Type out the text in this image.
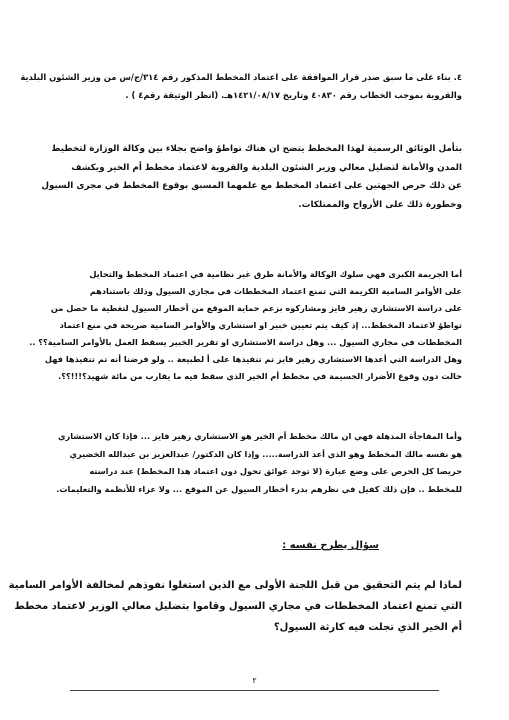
٤. بناء على ما سبق صدر قرار الموافقة على اعتماد المخطط المذكور رقم ٣١٤/ج/س من وزير الشئون البلدية
والقروية بموجب الخطاب رقم ٤٠٨٣٠ وتاريخ ١٤٢١/٠٨/١٧هـ. (انظر الوثيقة رقم٤ ) .
بتأمل الوثائق الرسمية لهذا المخطط يتضح ان هناك تواطؤ واضح بجلاء بين وكالة الوزارة لتخطيط
المدن والأمانة لتضليل معالي وزير الشئون البلدية والقروية لاعتماد مخطط أم الخير ويكشف
عن ذلك حرص الجهتين على اعتماد المخطط مع علمهما المسبق بوقوع المخطط في مجرى السيول
وخطورة ذلك على الأرواح والممتلكات.
أما الجريمة الكبرى فهي سلوك الوكالة والأمانة طرق غير نظامية في اعتماد المخطط والتحايل
على الأوامر السامية الكريمة التي تمنع اعتماد المخططات في مجاري السيول وذلك باستنادهم
على دراسة الاستشاري زهير فايز ومشاركوه بزعم حماية الموقع من أخطار السيول لتغطية ما حصل من
تواطؤ لاعتماد المخطط... إذ كيف يتم تعيين خبير او استشاري والأوامر السامية صريحة في منع اعتماد
المخططات في مجاري السيول ... وهل دراسة الاستشاري او تقرير الخبير يسقط العمل بالأوامر السامية؟؟ ..
وهل الدراسة التي أعدها الاستشاري زهير فايز تم تنفيذها على أ لطبيعة .. ولو فرضنا أنه تم تنفيذها فهل
حالت دون وقوع الأضرار الجسيمة في مخطط أم الخير الذي سقط فيه ما يقارب من مائة شهيد؟!!!؟؟.
وأما المفاجأة المذهلة فهي ان مالك مخطط أم الخير هو الاستشاري زهير فايز ... فإذا كان الاستشاري
هو نفسه مالك المخطط وهو الذي أعد الدراسة..... وإذا كان الدكتور/ عبدالعزيز بن عبدالله الخضيري
حريصا كل الحرص على وضع عبارة (لا توجد عوائق تحول دون اعتماد هذا المخطط) عند دراسته
للمخطط .. فإن ذلك كفيل في نظرهم بدرء أخطار السيول عن الموقع ... ولا عزاء للأنظمة والتعليمات.
سؤال يطرح نفسه :
لماذا لم يتم التحقيق من قبل اللجنة الأولى مع الذين استغلوا نفوذهم لمخالفة الأوامر السامية
التي تمنع اعتماد المخططات في مجاري السيول وقاموا بتضليل معالي الوزير لاعتماد مخطط
أم الخير الذي تجلت فيه كارثة السيول؟
٢
